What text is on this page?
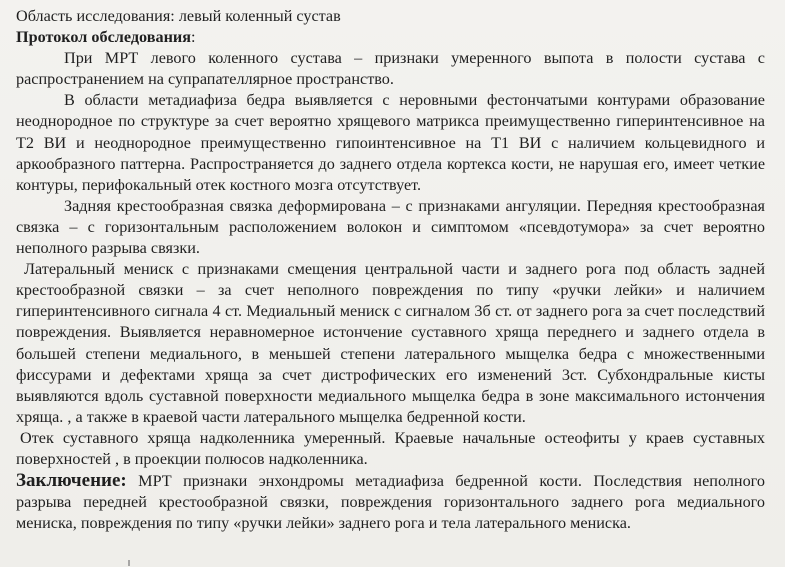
Область исследования: левый коленный сустав
Протокол обследования:

При МРТ левого коленного сустава – признаки умеренного выпота в полости сустава с распространением на супрапателлярное пространство.

В области метадиафиза бедра выявляется с неровными фестончатыми контурами образование неоднородное по структуре за счет вероятно хрящевого матрикса преимущественно гиперинтенсивное на Т2 ВИ и неоднородное преимущественно гипоинтенсивное на Т1 ВИ с наличием кольцевидного и аркообразного паттерна. Распространяется до заднего отдела кортекса кости, не нарушая его, имеет четкие контуры, перифокальный отек костного мозга отсутствует.

Задняя крестообразная связка деформирована – с признаками ангуляции. Передняя крестообразная связка – с горизонтальным расположением волокон и симптомом «псевдотумора» за счет вероятно неполного разрыва связки.

Латеральный мениск с признаками смещения центральной части и заднего рога под область задней крестообразной связки – за счет неполного повреждения по типу «ручки лейки» и наличием гиперинтенсивного сигнала 4 ст. Медиальный мениск с сигналом 3б ст. от заднего рога за счет последствий повреждения. Выявляется неравномерное истончение суставного хряща переднего и заднего отдела в большей степени медиального, в меньшей степени латерального мыщелка бедра с множественными фиссурами и дефектами хряща за счет дистрофических его изменений 3ст. Субхондральные кисты выявляются вдоль суставной поверхности медиального мыщелка бедра в зоне максимального истончения хряща. , а также в краевой части латерального мыщелка бедренной кости.

Отек суставного хряща надколенника умеренный. Краевые начальные остеофиты у краев суставных поверхностей , в проекции полюсов надколенника.

Заключение: МРТ признаки энхондромы метадиафиза бедренной кости. Последствия неполного разрыва передней крестообразной связки, повреждения горизонтального заднего рога медиального мениска, повреждения по типу «ручки лейки» заднего рога и тела латерального мениска.
